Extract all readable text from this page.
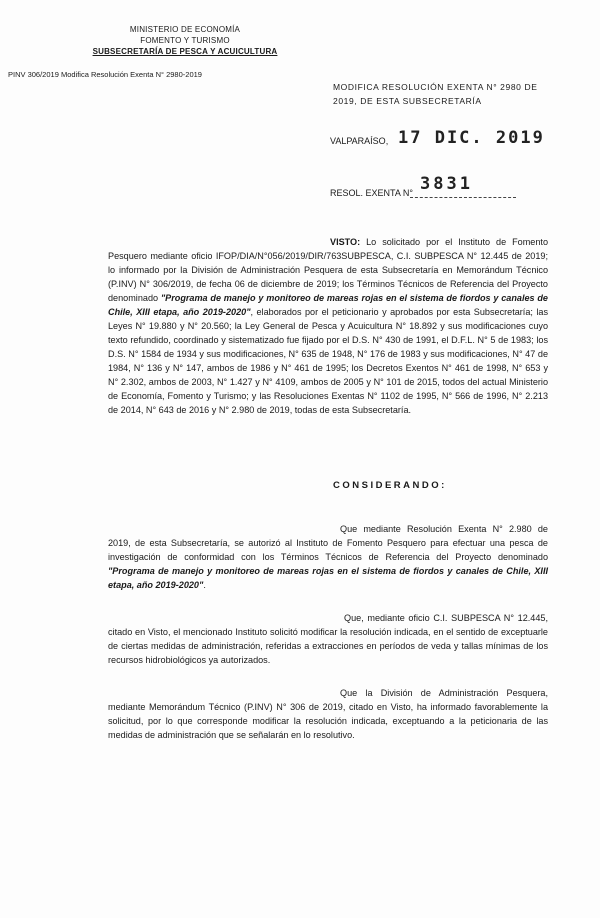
MINISTERIO DE ECONOMÍA
FOMENTO Y TURISMO
SUBSECRETARÍA DE PESCA Y ACUICULTURA
PINV 306/2019 Modifica Resolución Exenta N° 2980-2019
MODIFICA RESOLUCIÓN EXENTA N° 2980 DE 2019, DE ESTA SUBSECRETARÍA
VALPARAÍSO, 17 DIC. 2019
RESOL. EXENTA N° 3831
VISTO: Lo solicitado por el Instituto de Fomento Pesquero mediante oficio IFOP/DIA/N°056/2019/DIR/763SUBPESCA, C.I. SUBPESCA N° 12.445 de 2019; lo informado por la División de Administración Pesquera de esta Subsecretaría en Memorándum Técnico (P.INV) N° 306/2019, de fecha 06 de diciembre de 2019; los Términos Técnicos de Referencia del Proyecto denominado "Programa de manejo y monitoreo de mareas rojas en el sistema de fiordos y canales de Chile, XIII etapa, año 2019-2020", elaborados por el peticionario y aprobados por esta Subsecretaría; las Leyes N° 19.880 y N° 20.560; la Ley General de Pesca y Acuicultura N° 18.892 y sus modificaciones cuyo texto refundido, coordinado y sistematizado fue fijado por el D.S. N° 430 de 1991, el D.F.L. N° 5 de 1983; los D.S. N° 1584 de 1934 y sus modificaciones, N° 635 de 1948, N° 176 de 1983 y sus modificaciones, N° 47 de 1984, N° 136 y N° 147, ambos de 1986 y N° 461 de 1995; los Decretos Exentos N° 461 de 1998, N° 653 y N° 2.302, ambos de 2003, N° 1.427 y N° 4109, ambos de 2005 y N° 101 de 2015, todos del actual Ministerio de Economía, Fomento y Turismo; y las Resoluciones Exentas N° 1102 de 1995, N° 566 de 1996, N° 2.213 de 2014, N° 643 de 2016 y N° 2.980 de 2019, todas de esta Subsecretaría.
CONSIDERANDO:
Que mediante Resolución Exenta N° 2.980 de 2019, de esta Subsecretaría, se autorizó al Instituto de Fomento Pesquero para efectuar una pesca de investigación de conformidad con los Términos Técnicos de Referencia del Proyecto denominado "Programa de manejo y monitoreo de mareas rojas en el sistema de fiordos y canales de Chile, XIII etapa, año 2019-2020".
Que, mediante oficio C.I. SUBPESCA N° 12.445, citado en Visto, el mencionado Instituto solicitó modificar la resolución indicada, en el sentido de exceptuarle de ciertas medidas de administración, referidas a extracciones en períodos de veda y tallas mínimas de los recursos hidrobiológicos ya autorizados.
Que la División de Administración Pesquera, mediante Memorándum Técnico (P.INV) N° 306 de 2019, citado en Visto, ha informado favorablemente la solicitud, por lo que corresponde modificar la resolución indicada, exceptuando a la peticionaria de las medidas de administración que se señalarán en lo resolutivo.
